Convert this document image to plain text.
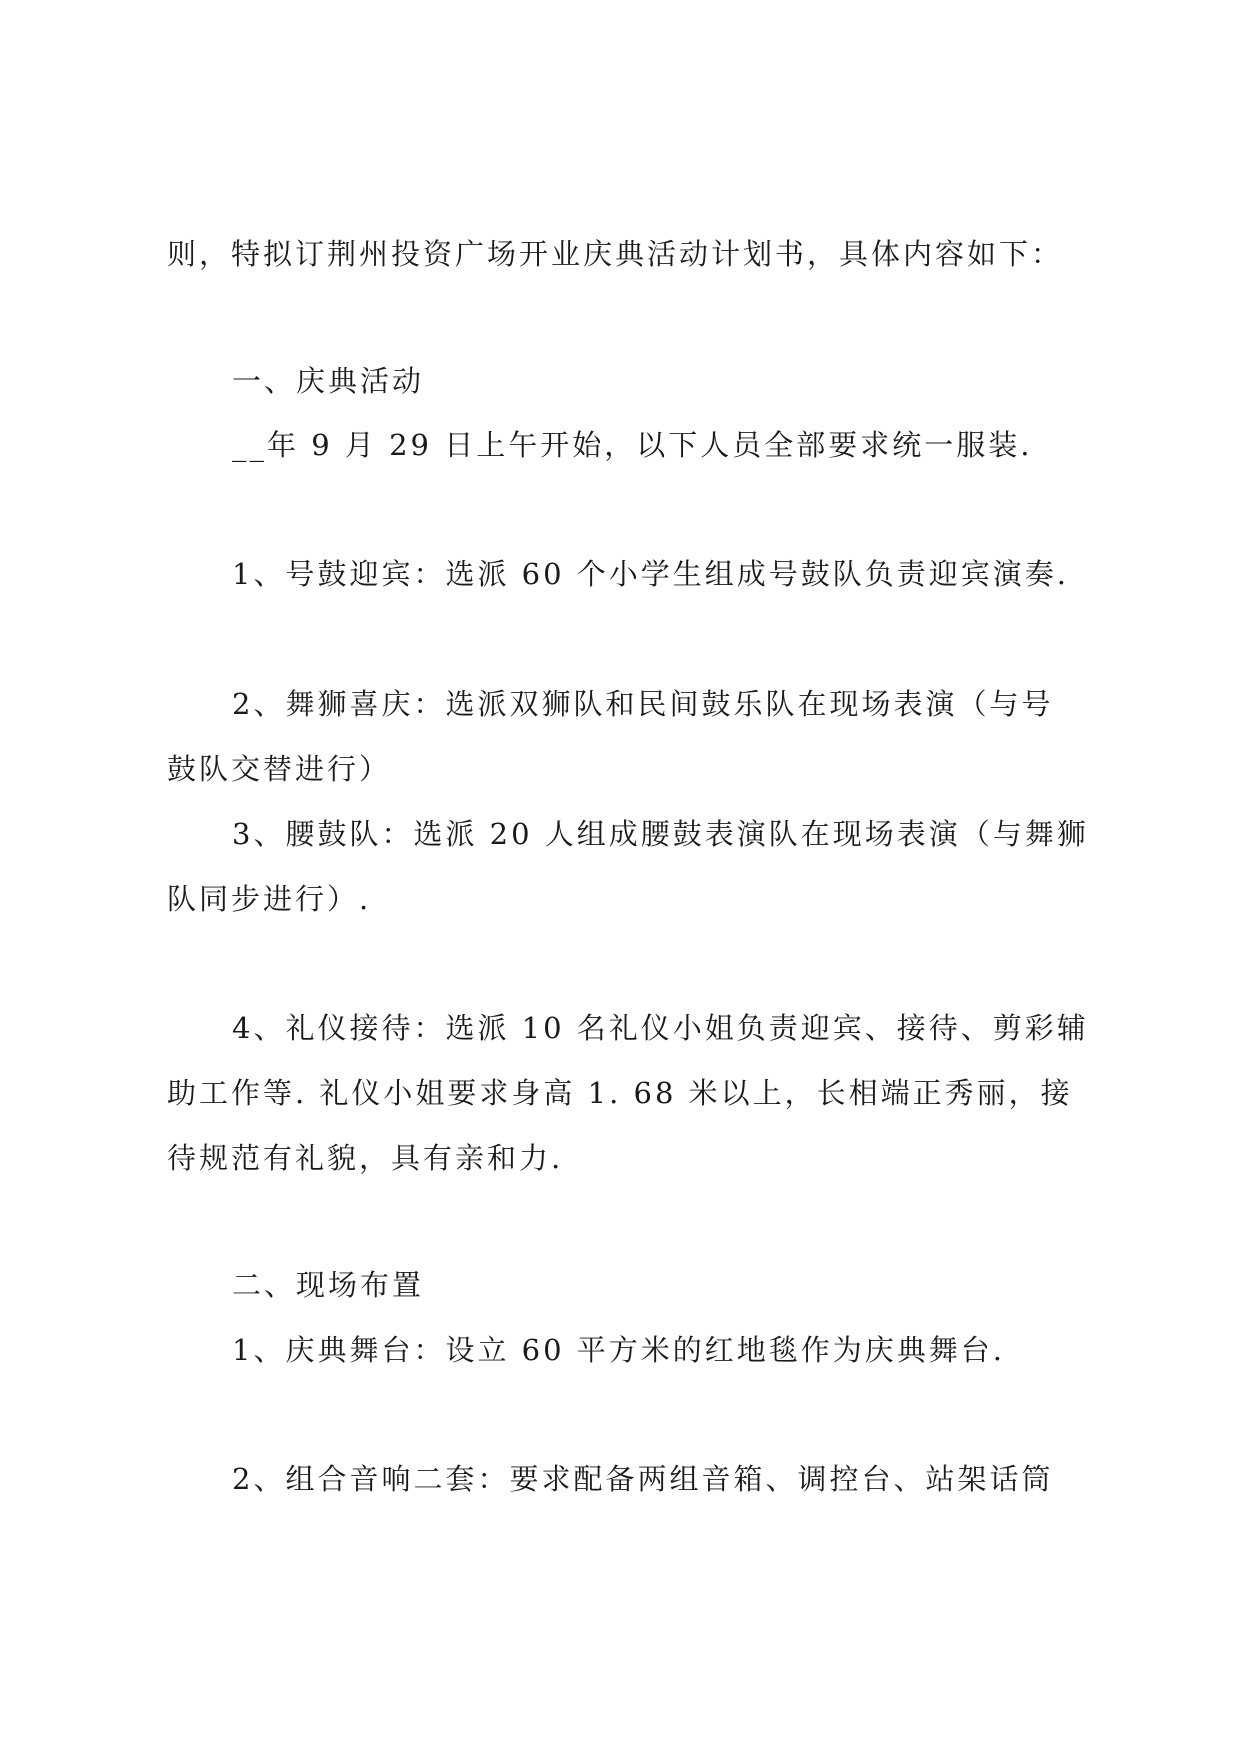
则，特拟订荆州投资广场开业庆典活动计划书，具体内容如下：
一、庆典活动
__年 9 月 29 日上午开始，以下人员全部要求统一服装.
1、号鼓迎宾：选派 60 个小学生组成号鼓队负责迎宾演奏.
2、舞狮喜庆：选派双狮队和民间鼓乐队在现场表演（与号
鼓队交替进行）
3、腰鼓队：选派 20 人组成腰鼓表演队在现场表演（与舞狮
队同步进行）.
4、礼仪接待：选派 10 名礼仪小姐负责迎宾、接待、剪彩辅
助工作等. 礼仪小姐要求身高 1. 68 米以上，长相端正秀丽，接
待规范有礼貌，具有亲和力.
二、现场布置
1、庆典舞台：设立 60 平方米的红地毯作为庆典舞台.
2、组合音响二套：要求配备两组音箱、调控台、站架话筒
